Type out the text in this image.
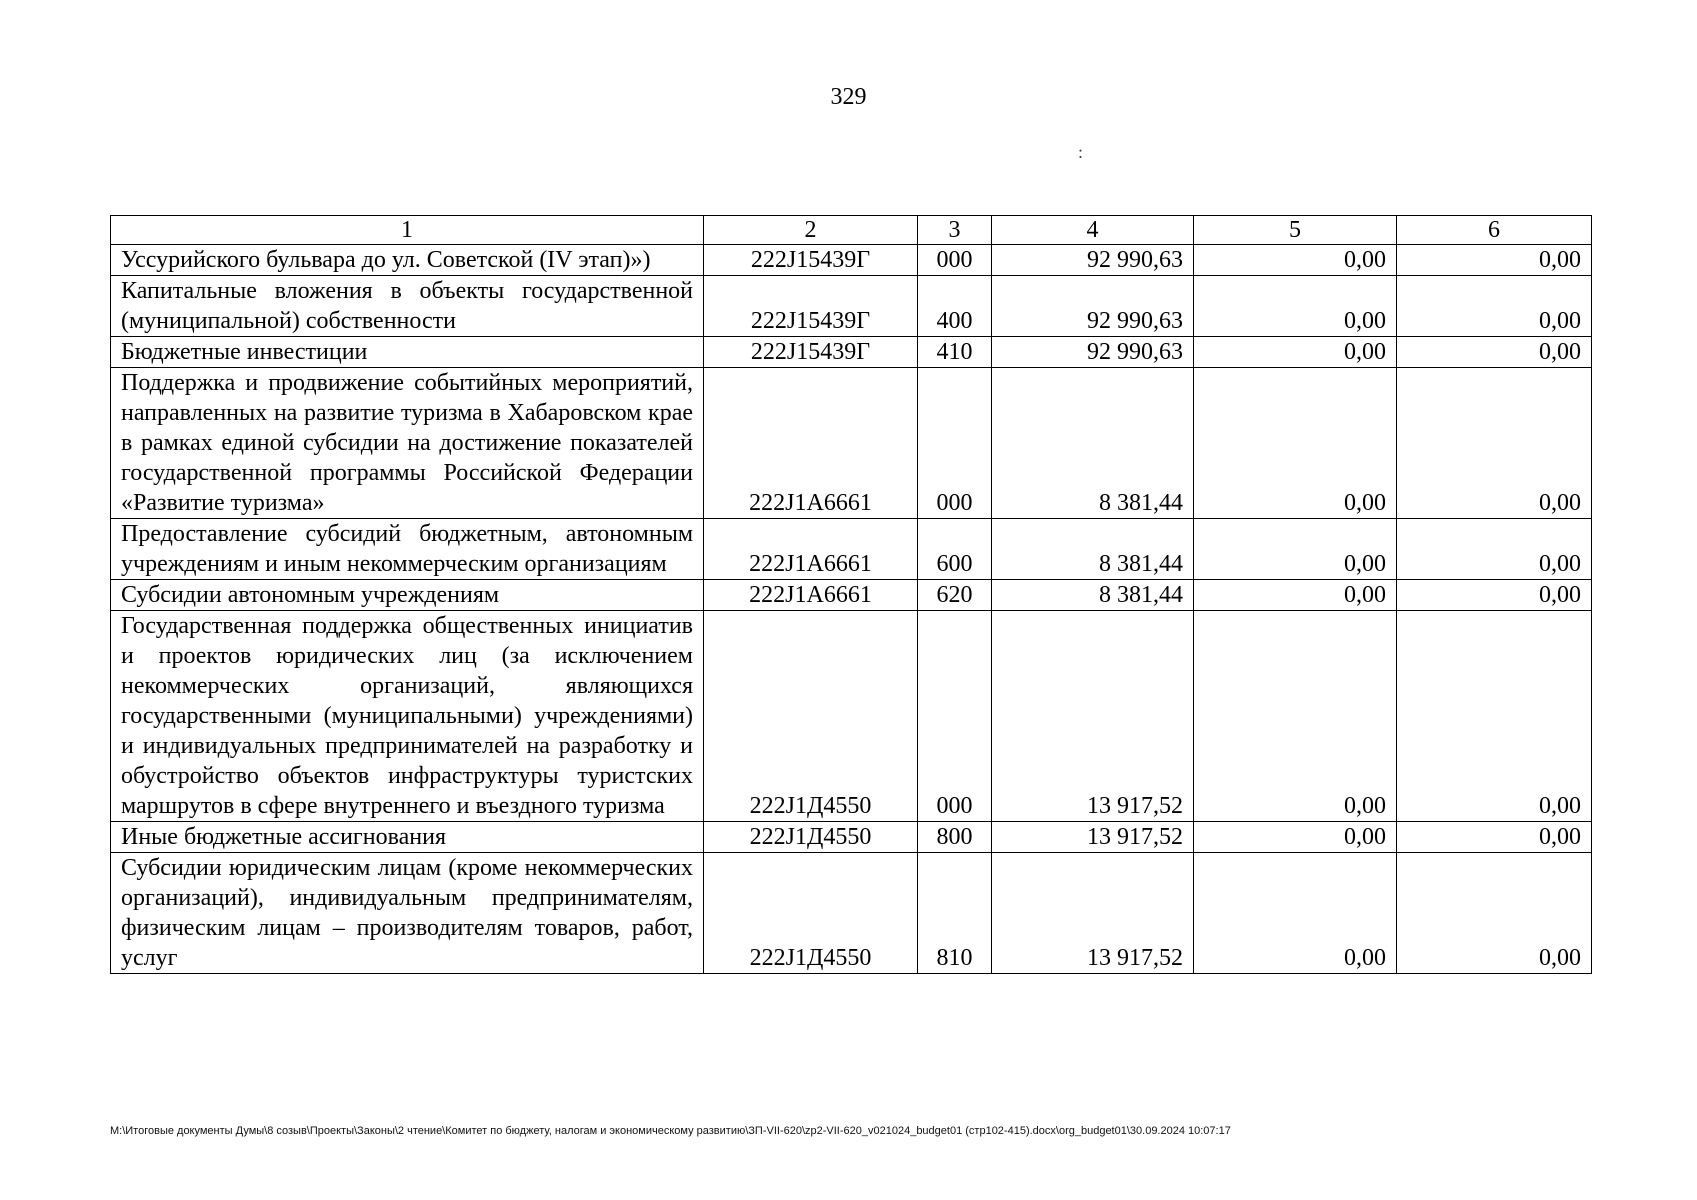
329
:
1	2	3	4	5	6
Уссурийского бульвара до ул. Советской (IV этап)»)	222J15439Г	000	92 990,63	0,00	0,00
Капитальные вложения в объекты государственной (муниципальной) собственности	222J15439Г	400	92 990,63	0,00	0,00
Бюджетные инвестиции	222J15439Г	410	92 990,63	0,00	0,00
Поддержка и продвижение событийных мероприятий, направленных на развитие туризма в Хабаровском крае в рамках единой субсидии на достижение показателей государственной программы Российской Федерации «Развитие туризма»	222J1А6661	000	8 381,44	0,00	0,00
Предоставление субсидий бюджетным, автономным учреждениям и иным некоммерческим организациям	222J1А6661	600	8 381,44	0,00	0,00
Субсидии автономным учреждениям	222J1А6661	620	8 381,44	0,00	0,00
Государственная поддержка общественных инициатив и проектов юридических лиц (за исключением некоммерческих организаций, являющихся государственными (муниципальными) учреждениями) и индивидуальных предпринимателей на разработку и обустройство объектов инфраструктуры туристских маршрутов в сфере внутреннего и въездного туризма	222J1Д4550	000	13 917,52	0,00	0,00
Иные бюджетные ассигнования	222J1Д4550	800	13 917,52	0,00	0,00
Субсидии юридическим лицам (кроме некоммерческих организаций), индивидуальным предпринимателям, физическим лицам – производителям товаров, работ, услуг	222J1Д4550	810	13 917,52	0,00	0,00
M:\Итоговые документы Думы\8 созыв\Проекты\Законы\2 чтение\Комитет по бюджету, налогам и экономическому развитию\ЗП-VII-620\zp2-VII-620_v021024_budget01 (стр102-415).docx\org_budget01\30.09.2024 10:07:17
